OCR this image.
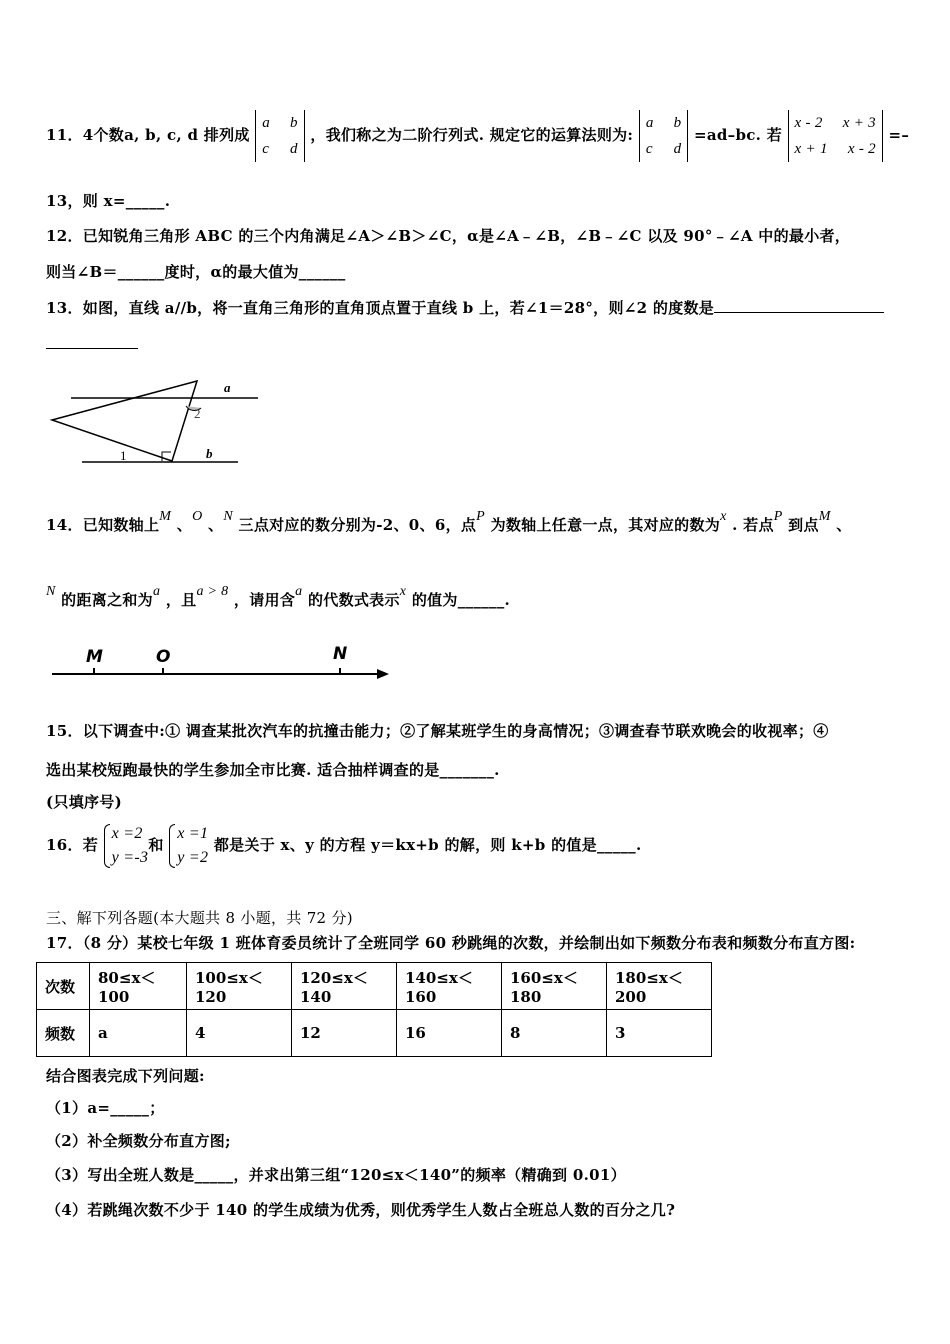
11．4个数a, b, c, d 排列成
a b
c d
，我们称之为二阶行列式. 规定它的运算法则为:
a b
c d
=ad–bc. 若
x - 2 x + 3
x + 1 x - 2
=–
13，则 x=_____.
12．已知锐角三角形 ABC 的三个内角满足∠A＞∠B＞∠C，α是∠A﹣∠B，∠B﹣∠C 以及 90°﹣∠A 中的最小者，
则当∠B＝______度时，α的最大值为______
13．如图，直线 a//b，将一直角三角形的直角顶点置于直线 b 上，若∠1＝28°，则∠2 的度数是
a
b
1
2
14．已知数轴上M 、O 、N 三点对应的数分别为-2、0、6，点P 为数轴上任意一点，其对应的数为x . 若点P 到点M 、
N 的距离之和为a ，且a > 8 ，请用含a 的代数式表示x 的值为______.
M	O	N
15．以下调查中:① 调查某批次汽车的抗撞击能力；②了解某班学生的身高情况；③调查春节联欢晚会的收视率；④
选出某校短跑最快的学生参加全市比赛. 适合抽样调查的是_______.
(只填序号)
16．若
x =2
y =-3
和
x =1
y =2
都是关于 x、y 的方程 y＝kx+b 的解，则 k+b 的值是_____.
三、解下列各题(本大题共 8 小题，共 72 分)
17．（8 分）某校七年级 1 班体育委员统计了全班同学 60 秒跳绳的次数，并绘制出如下频数分布表和频数分布直方图:
次数	80≤x＜100	100≤x＜120	120≤x＜140	140≤x＜160	160≤x＜180	180≤x＜200
频数	a	4	12	16	8	3
结合图表完成下列问题:
（1）a=_____；
（2）补全频数分布直方图;
（3）写出全班人数是_____，并求出第三组“120≤x＜140”的频率（精确到 0.01）
（4）若跳绳次数不少于 140 的学生成绩为优秀，则优秀学生人数占全班总人数的百分之几?
